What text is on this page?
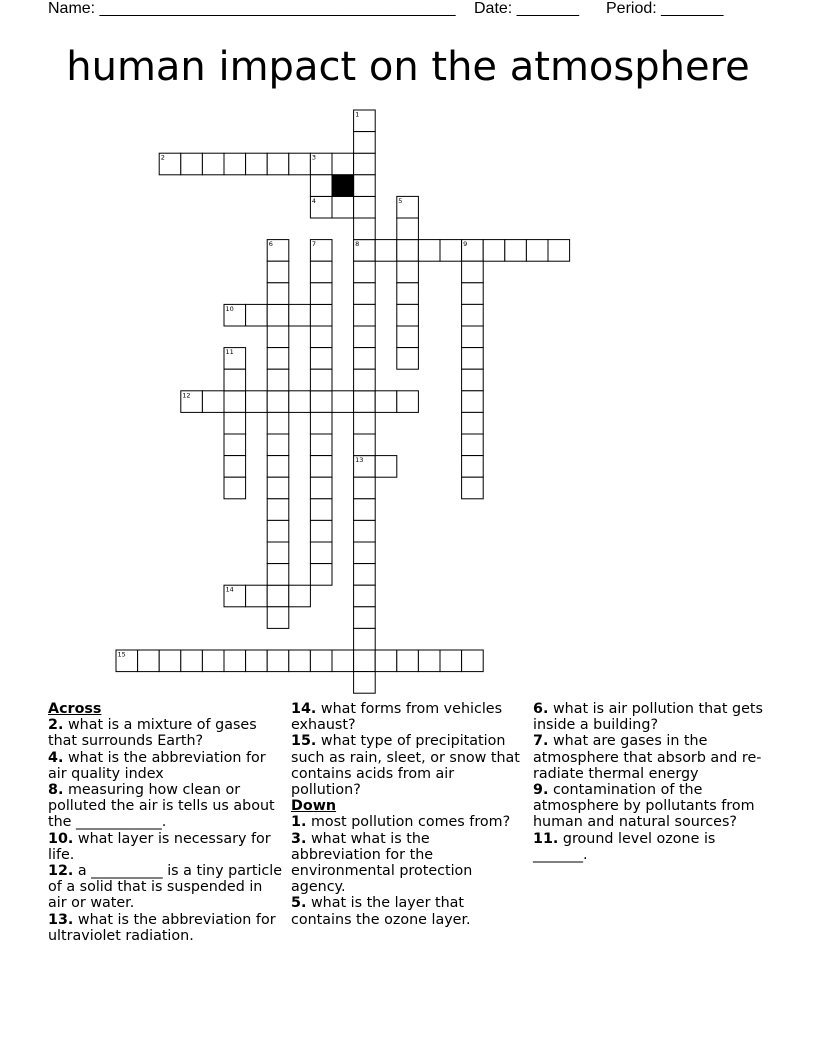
Name: ________________________________________ Date: _______ Period: _______
human impact on the atmosphere
1
2	3
4	5
6	7	8	9
10
11
12
13
14
15
Across
2. what is a mixture of gases that surrounds Earth?
4. what is the abbreviation for air quality index
8. measuring how clean or polluted the air is tells us about the ____________.
10. what layer is necessary for life.
12. a __________ is a tiny particle of a solid that is suspended in air or water.
13. what is the abbreviation for ultraviolet radiation.
14. what forms from vehicles exhaust?
15. what type of precipitation such as rain, sleet, or snow that contains acids from air pollution?
Down
1. most pollution comes from?
3. what what is the abbreviation for the environmental protection agency.
5. what is the layer that contains the ozone layer.
6. what is air pollution that gets inside a building?
7. what are gases in the atmosphere that absorb and re-radiate thermal energy
9. contamination of the atmosphere by pollutants from human and natural sources?
11. ground level ozone is _______.
